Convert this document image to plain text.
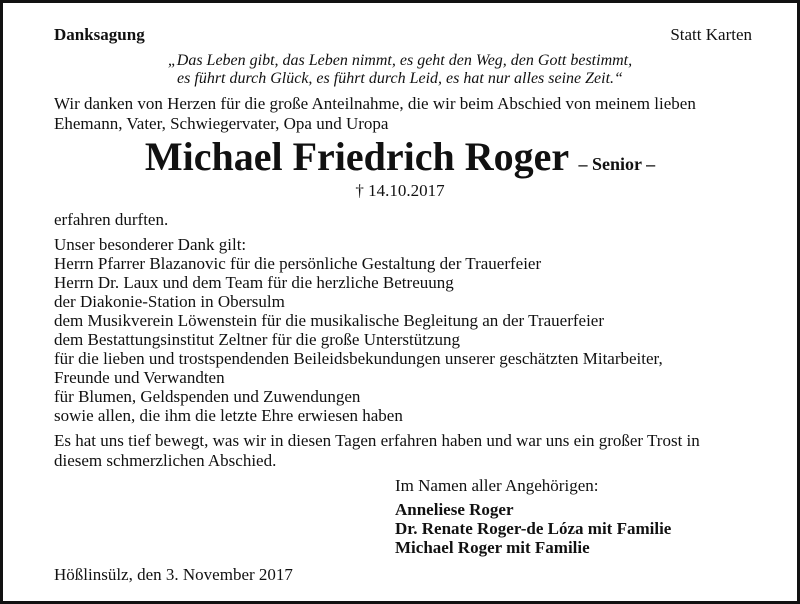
Danksagung	Statt Karten
„Das Leben gibt, das Leben nimmt, es geht den Weg, den Gott bestimmt,
es führt durch Glück, es führt durch Leid, es hat nur alles seine Zeit.“
Wir danken von Herzen für die große Anteilnahme, die wir beim Abschied von meinem lieben
Ehemann, Vater, Schwiegervater, Opa und Uropa
Michael Friedrich Roger – Senior –
† 14.10.2017
erfahren durften.
Unser besonderer Dank gilt:
Herrn Pfarrer Blazanovic für die persönliche Gestaltung der Trauerfeier
Herrn Dr. Laux und dem Team für die herzliche Betreuung
der Diakonie-Station in Obersulm
dem Musikverein Löwenstein für die musikalische Begleitung an der Trauerfeier
dem Bestattungsinstitut Zeltner für die große Unterstützung
für die lieben und trostspendenden Beileidsbekundungen unserer geschätzten Mitarbeiter,
Freunde und Verwandten
für Blumen, Geldspenden und Zuwendungen
sowie allen, die ihm die letzte Ehre erwiesen haben
Es hat uns tief bewegt, was wir in diesen Tagen erfahren haben und war uns ein großer Trost in
diesem schmerzlichen Abschied.
Im Namen aller Angehörigen:
Anneliese Roger
Dr. Renate Roger-de Lóza mit Familie
Michael Roger mit Familie
Hößlinsülz, den 3. November 2017
